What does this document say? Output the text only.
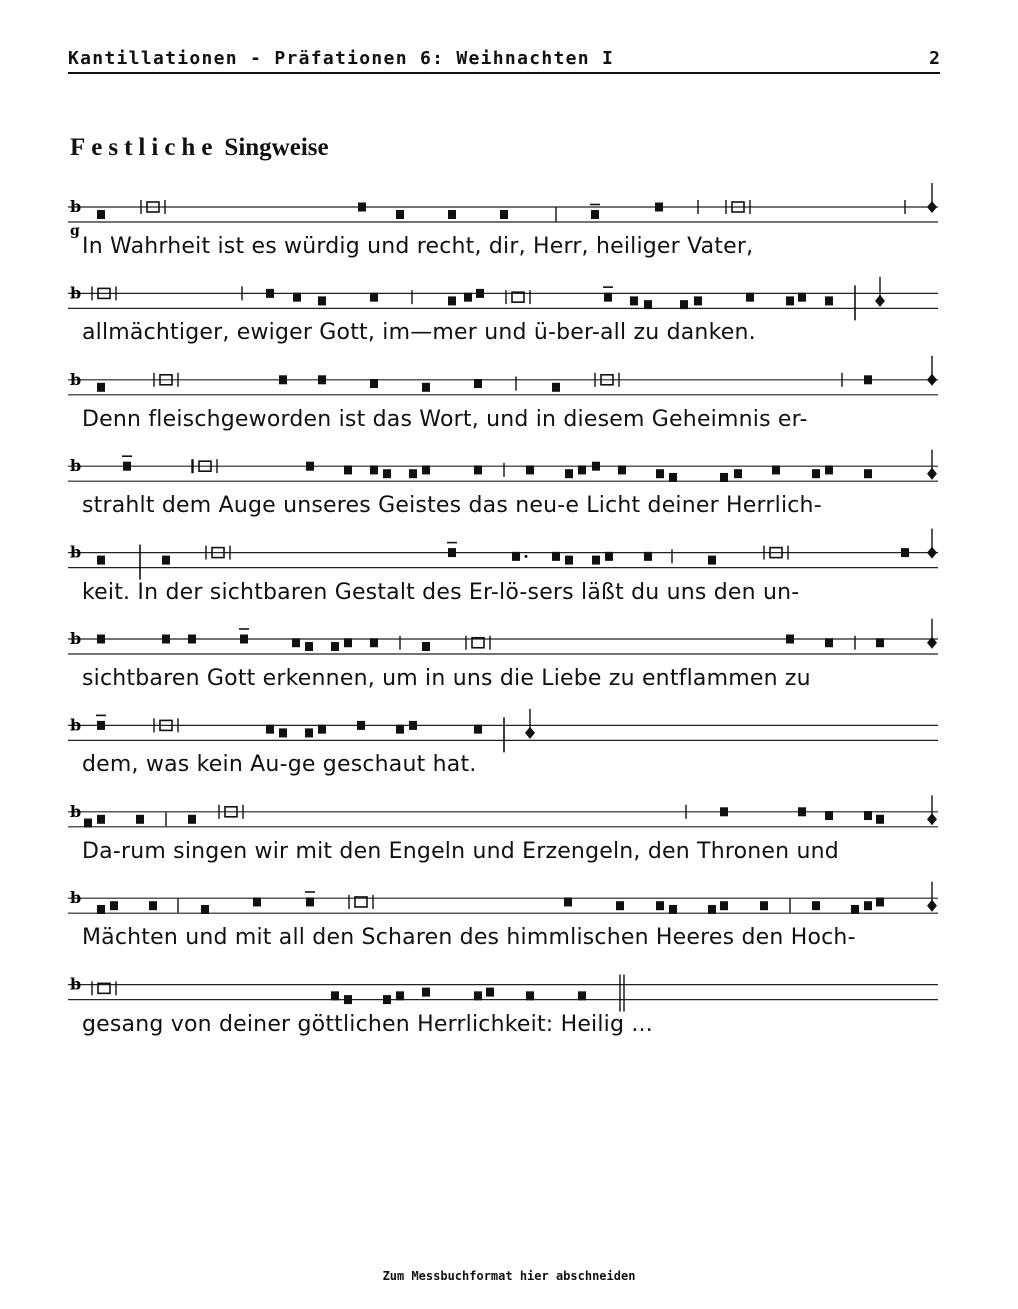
Kantillationen - Präfationen 6: Weihnachten I	2
Festliche Singweise
b
g
b
b
b
b
b
b
b
b
b
In Wahrheit ist es würdig und recht, dir, Herr, heiliger Vater,
allmächtiger, ewiger Gott, im—mer und ü-ber-all zu danken.
Denn fleischgeworden ist das Wort, und in diesem Geheimnis er-
strahlt dem Auge unseres Geistes das neu-e Licht deiner Herrlich-
keit. In der sichtbaren Gestalt des Er-lö-sers läßt du uns den un-
sichtbaren Gott erkennen, um in uns die Liebe zu entflammen zu
dem, was kein Au-ge geschaut hat.
Da-rum singen wir mit den Engeln und Erzengeln, den Thronen und
Mächten und mit all den Scharen des himmlischen Heeres den Hoch-
gesang von deiner göttlichen Herrlichkeit: Heilig ...
Zum Messbuchformat hier abschneiden
